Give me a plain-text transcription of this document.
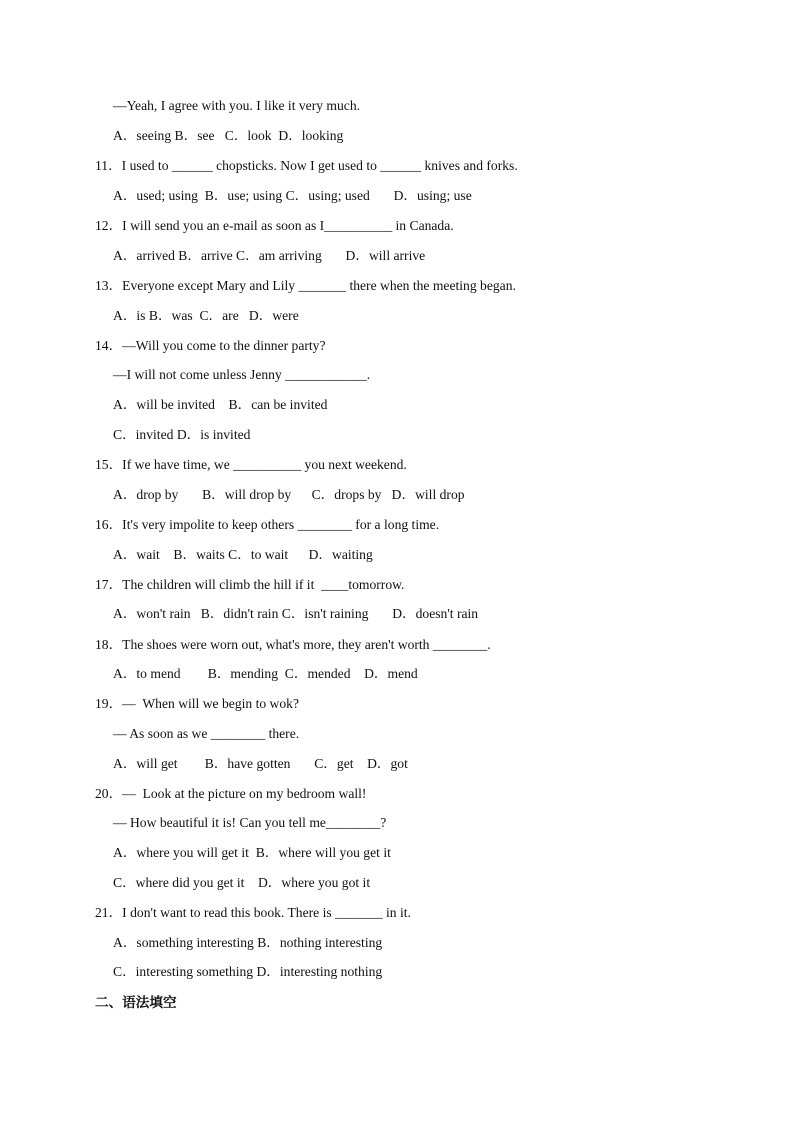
—Yeah, I agree with you. I like it very much.
A．seeing B．see   C．look  D．looking
11．I used to ______ chopsticks. Now I get used to ______ knives and forks.
A．used; using  B．use; using C．using; used       D．using; use
12．I will send you an e-mail as soon as I__________ in Canada.
A．arrived B．arrive C．am arriving       D．will arrive
13．Everyone except Mary and Lily _______ there when the meeting began.
A．is B．was  C．are   D．were
14．—Will you come to the dinner party?
—I will not come unless Jenny ____________.
A．will be invited    B．can be invited
C．invited D．is invited
15．If we have time, we __________ you next weekend.
A．drop by       B．will drop by      C．drops by   D．will drop
16．It's very impolite to keep others ________ for a long time.
A．wait    B．waits C．to wait      D．waiting
17．The children will climb the hill if it  ____tomorrow.
A．won't rain   B．didn't rain C．isn't raining       D．doesn't rain
18．The shoes were worn out, what's more, they aren't worth ________.
A．to mend        B．mending  C．mended    D．mend
19．—  When will we begin to wok?
— As soon as we ________ there.
A．will get        B．have gotten       C．get    D．got
20．—  Look at the picture on my bedroom wall!
— How beautiful it is! Can you tell me________?
A．where you will get it  B．where will you get it
C．where did you get it    D．where you got it
21．I don't want to read this book. There is _______ in it.
A．something interesting B．nothing interesting
C．interesting something D．interesting nothing
二、语法填空
